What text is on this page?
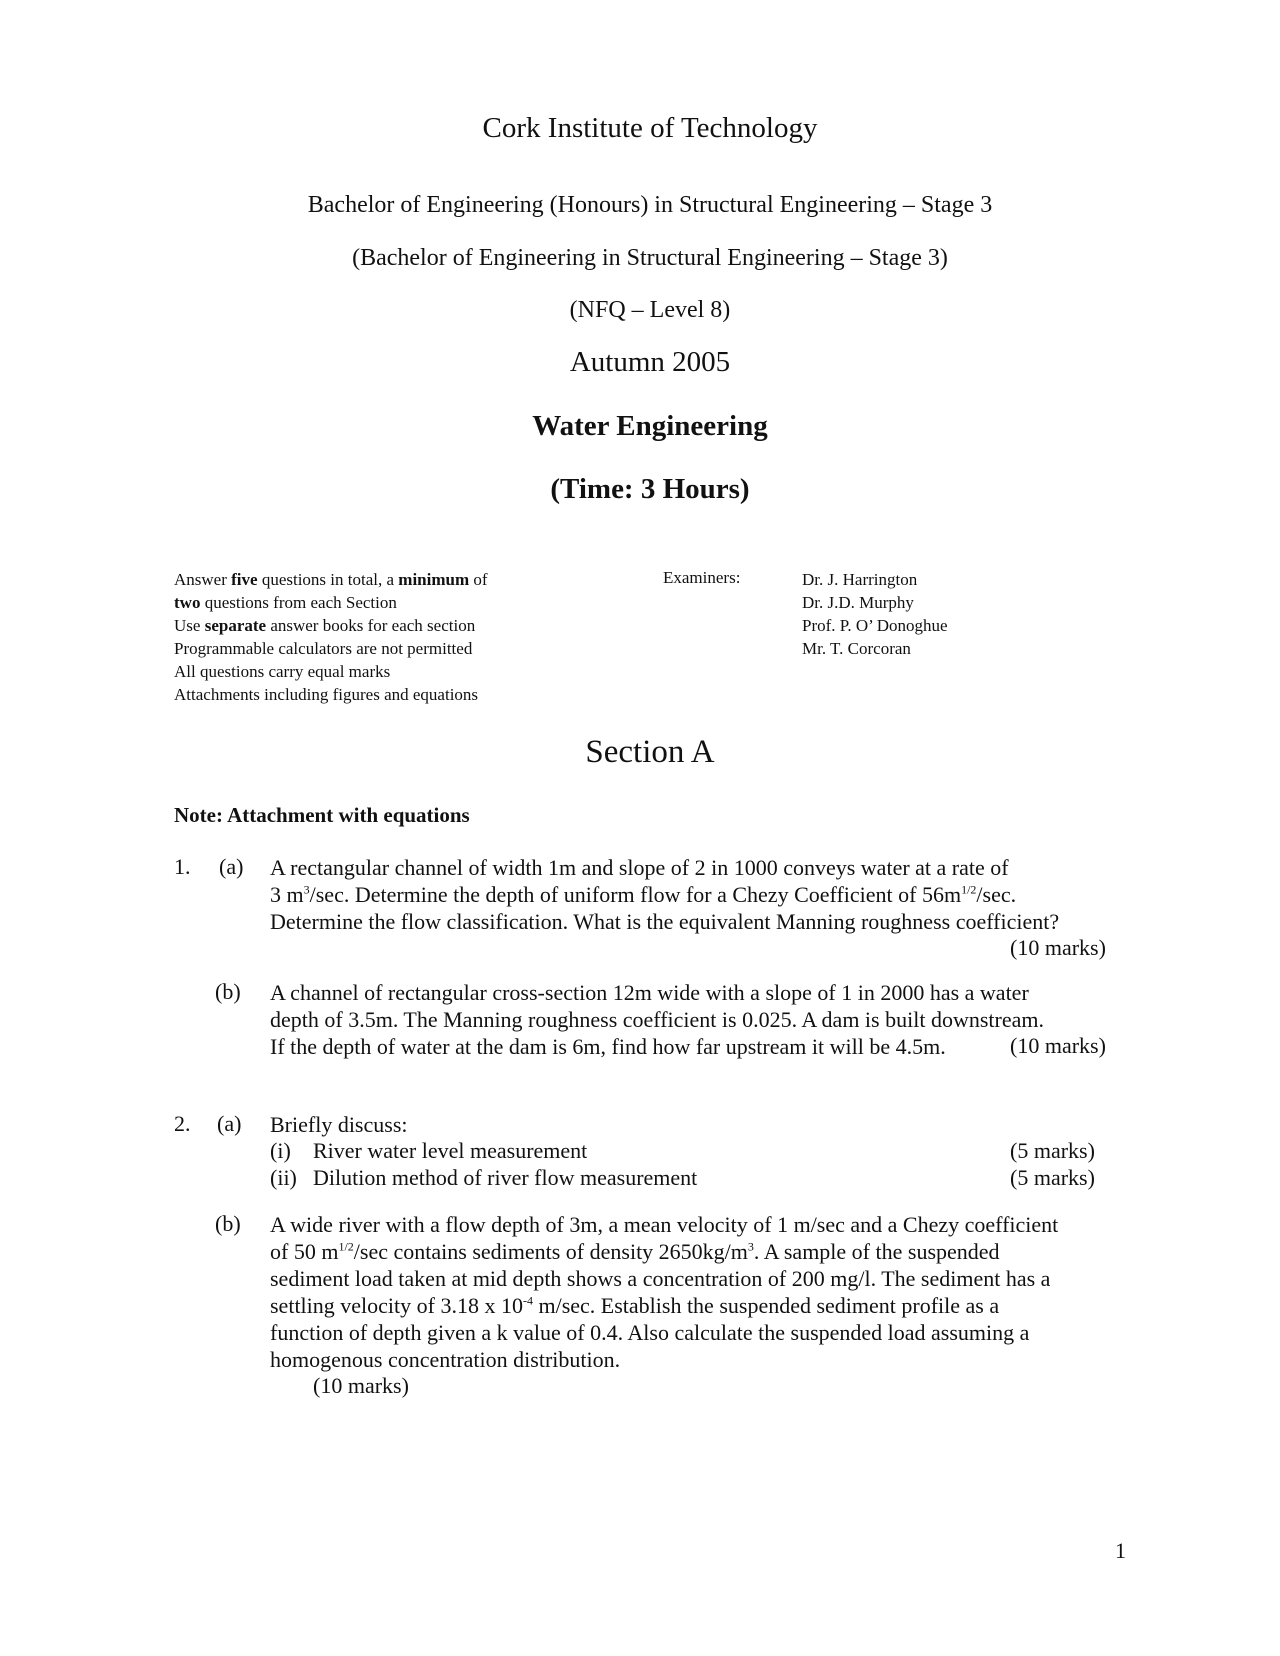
Cork Institute of Technology
Bachelor of Engineering (Honours) in Structural Engineering – Stage 3
(Bachelor of Engineering in Structural Engineering – Stage 3)
(NFQ – Level 8)
Autumn 2005
Water Engineering
(Time: 3 Hours)
Answer five questions in total, a minimum of
two questions from each Section
Use separate answer books for each section
Programmable calculators are not permitted
All questions carry equal marks
Attachments including figures and equations
Examiners:	Dr. J. Harrington
Dr. J.D. Murphy
Prof. P. O’ Donoghue
Mr. T. Corcoran
Section A
Note: Attachment with equations
1. (a) A rectangular channel of width 1m and slope of 2 in 1000 conveys water at a rate of
3 $m^3/\sec$. Determine the depth of uniform flow for a Chezy Coefficient of $56m^{1/2}/\sec$.
Determine the flow classification. What is the equivalent Manning roughness coefficient?
(10 marks)
(b) A channel of rectangular cross-section 12m wide with a slope of 1 in 2000 has a water
depth of 3.5m. The Manning roughness coefficient is 0.025. A dam is built downstream.
If the depth of water at the dam is 6m, find how far upstream it will be 4.5m.	(10 marks)
2. (a) Briefly discuss:
(i) River water level measurement	(5 marks)
(ii) Dilution method of river flow measurement	(5 marks)
(b) A wide river with a flow depth of 3m, a mean velocity of 1 m/sec and a Chezy coefficient
of 50 $m^{1/2}/\sec$ contains sediments of density $2650kg/m^3$. A sample of the suspended
sediment load taken at mid depth shows a concentration of 200 mg/l. The sediment has a
settling velocity of 3.18 x $10^{-4}$ m/sec. Establish the suspended sediment profile as a
function of depth given a k value of 0.4. Also calculate the suspended load assuming a
homogenous concentration distribution.
(10 marks)
1
